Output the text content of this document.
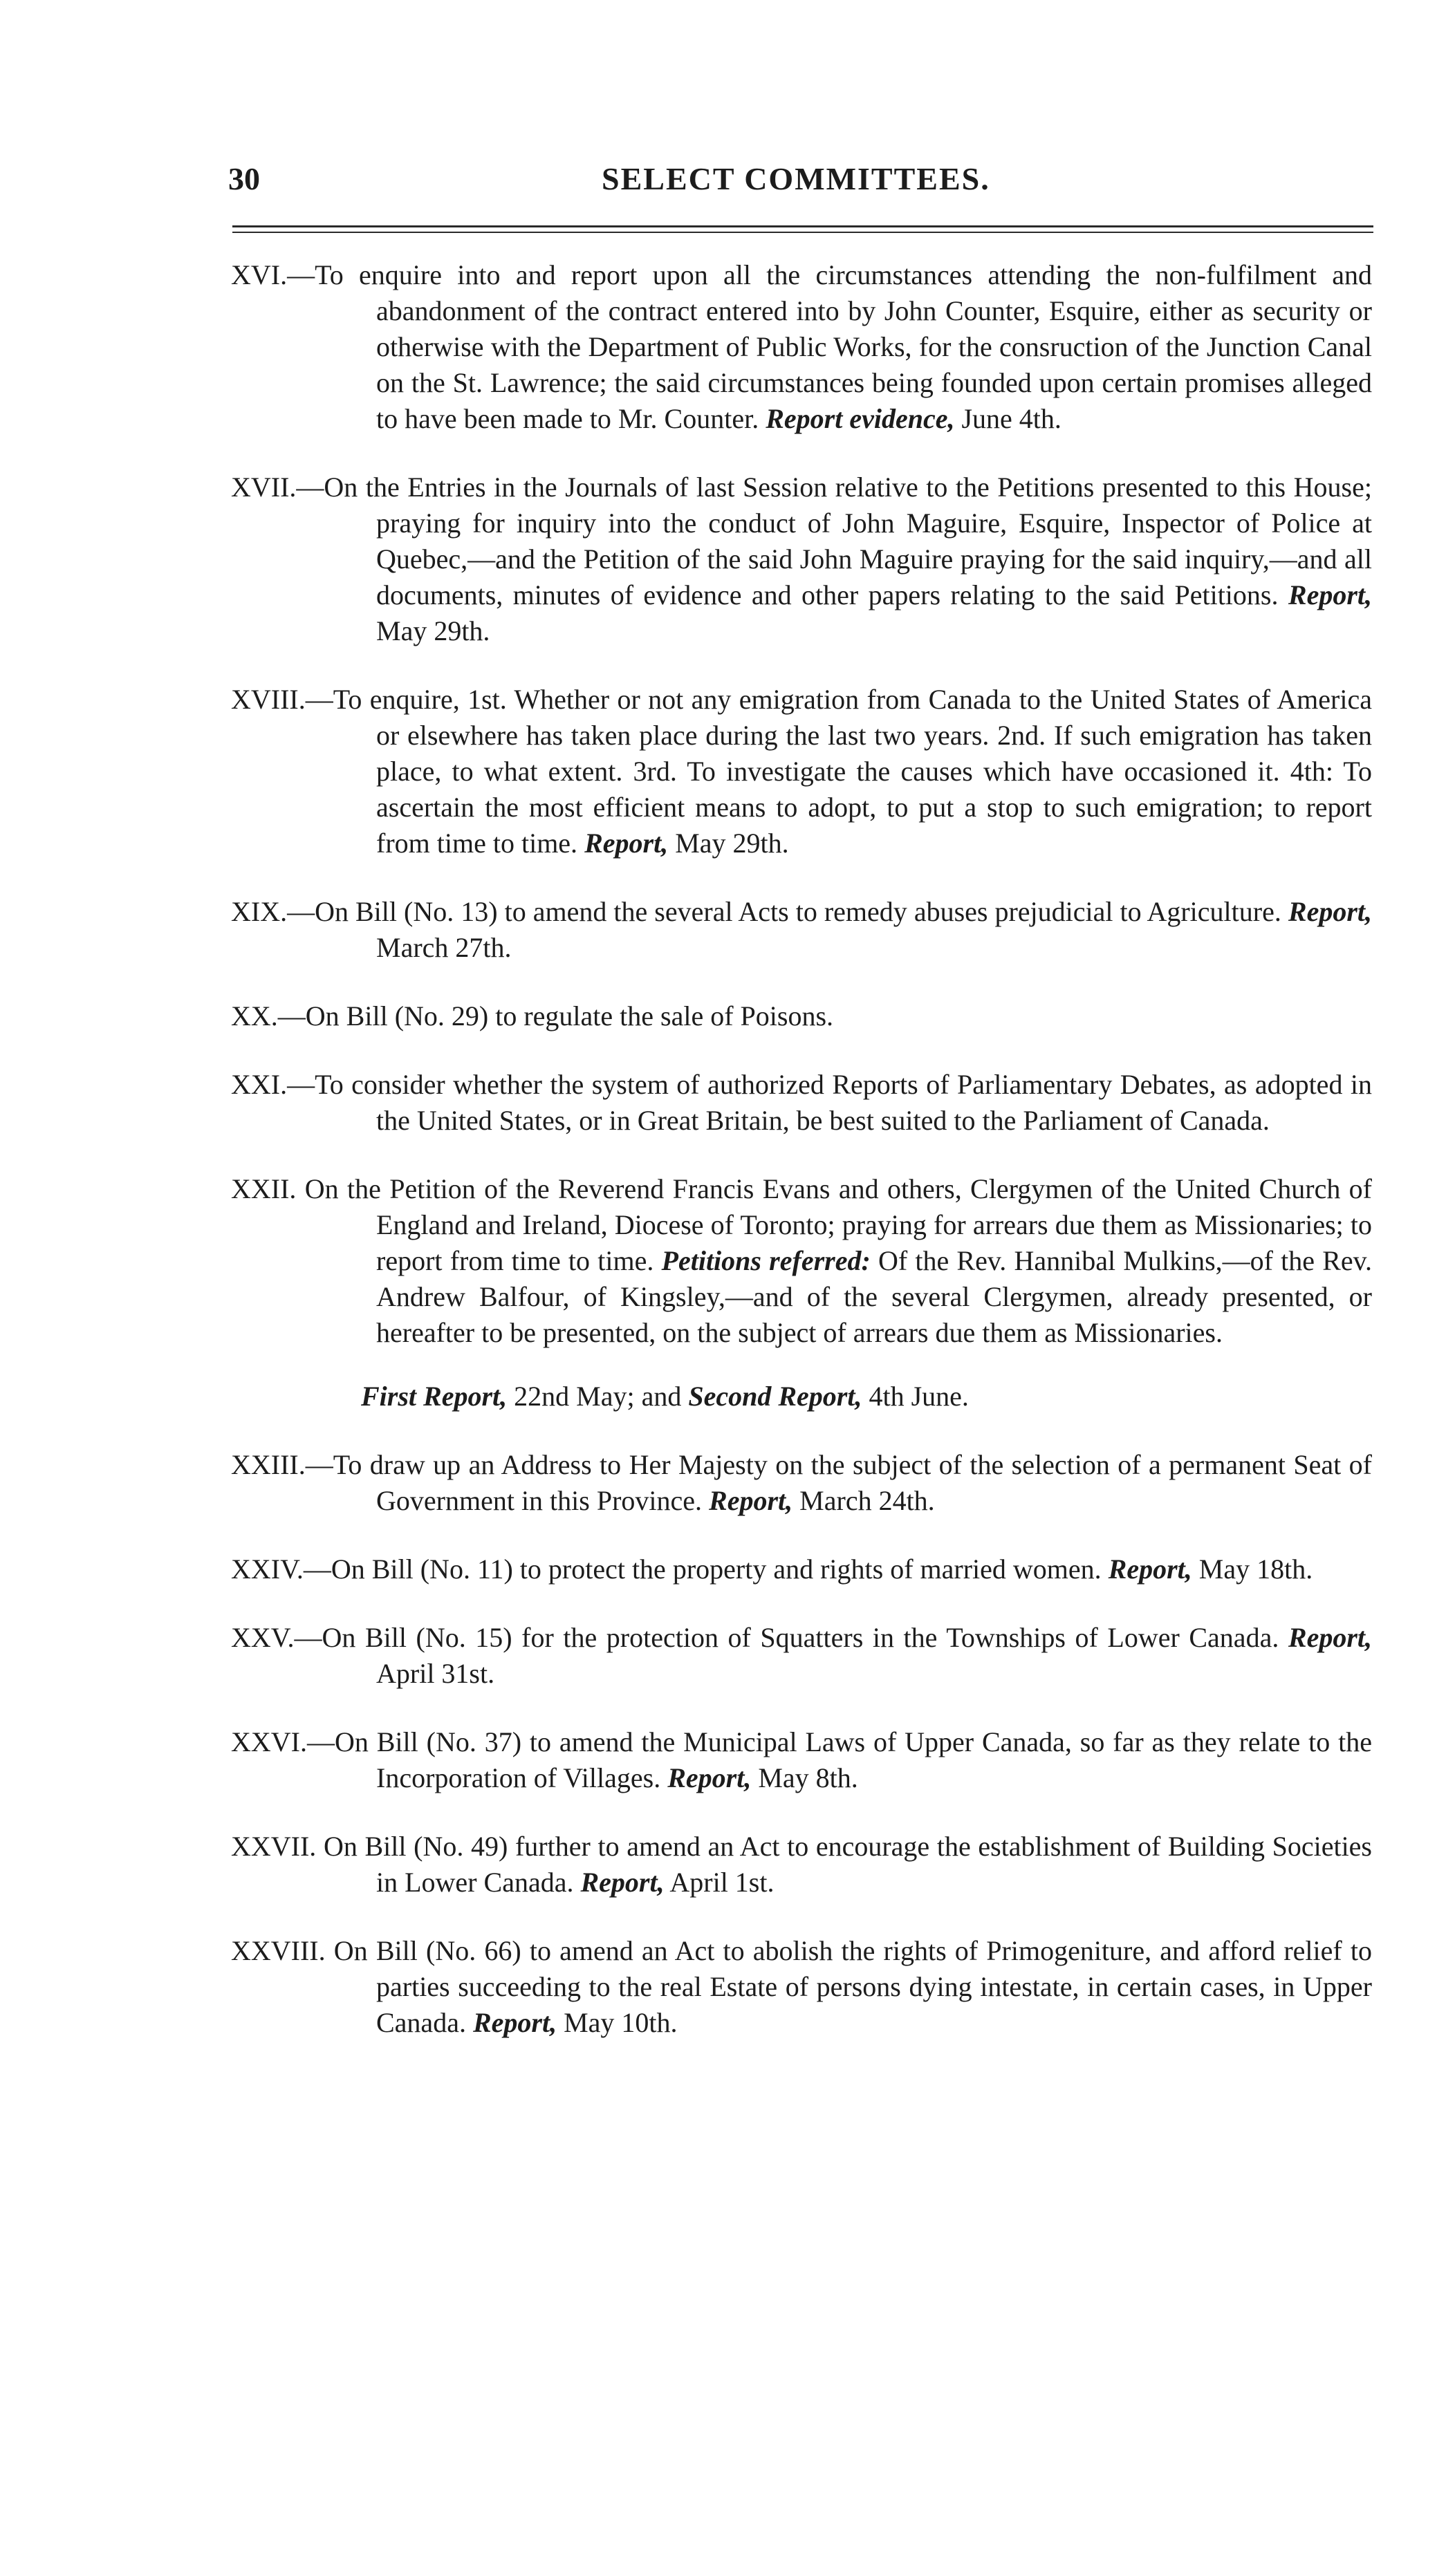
30	SELECT COMMITTEES.

XVI.—To enquire into and report upon all the circumstances attending the non-fulfilment and abandonment of the contract entered into by John Counter, Esquire, either as security or otherwise with the Department of Public Works, for the consruction of the Junction Canal on the St. Lawrence; the said circumstances being founded upon certain promises alleged to have been made to Mr. Counter. Report evidence, June 4th.

XVII.—On the Entries in the Journals of last Session relative to the Petitions presented to this House; praying for inquiry into the conduct of John Maguire, Esquire, Inspector of Police at Quebec,—and the Petition of the said John Maguire praying for the said inquiry,—and all documents, minutes of evidence and other papers relating to the said Petitions. Report, May 29th.

XVIII.—To enquire, 1st. Whether or not any emigration from Canada to the United States of America or elsewhere has taken place during the last two years. 2nd. If such emigration has taken place, to what extent. 3rd. To investigate the causes which have occasioned it. 4th: To ascertain the most efficient means to adopt, to put a stop to such emigration; to report from time to time. Report, May 29th.

XIX.—On Bill (No. 13) to amend the several Acts to remedy abuses prejudicial to Agriculture. Report, March 27th.

XX.—On Bill (No. 29) to regulate the sale of Poisons.

XXI.—To consider whether the system of authorized Reports of Parliamentary Debates, as adopted in the United States, or in Great Britain, be best suited to the Parliament of Canada.

XXII. On the Petition of the Reverend Francis Evans and others, Clergymen of the United Church of England and Ireland, Diocese of Toronto; praying for arrears due them as Missionaries; to report from time to time. Petitions referred: Of the Rev. Hannibal Mulkins,—of the Rev. Andrew Balfour, of Kingsley,—and of the several Clergymen, already presented, or hereafter to be presented, on the subject of arrears due them as Missionaries.

First Report, 22nd May; and Second Report, 4th June.

XXIII.—To draw up an Address to Her Majesty on the subject of the selection of a permanent Seat of Government in this Province. Report, March 24th.

XXIV.—On Bill (No. 11) to protect the property and rights of married women. Report, May 18th.

XXV.—On Bill (No. 15) for the protection of Squatters in the Townships of Lower Canada. Report, April 31st.

XXVI.—On Bill (No. 37) to amend the Municipal Laws of Upper Canada, so far as they relate to the Incorporation of Villages. Report, May 8th.

XXVII. On Bill (No. 49) further to amend an Act to encourage the establishment of Building Societies in Lower Canada. Report, April 1st.

XXVIII. On Bill (No. 66) to amend an Act to abolish the rights of Primogeniture, and afford relief to parties succeeding to the real Estate of persons dying intestate, in certain cases, in Upper Canada. Report, May 10th.
